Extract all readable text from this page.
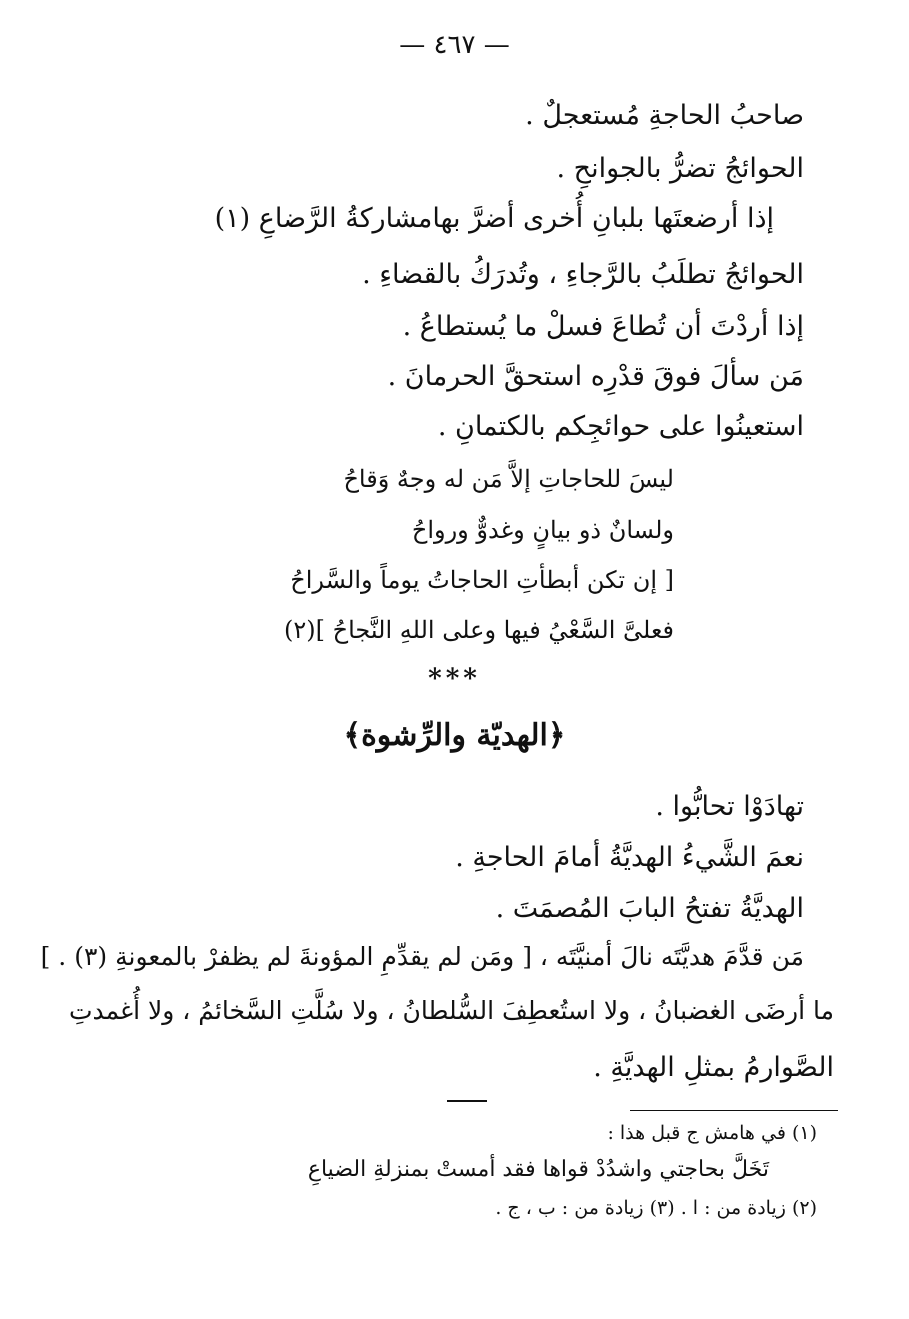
— ٤٦٧ —
صاحبُ الحاجةِ مُستعجلٌ .
الحوائجُ تضرُّ بالجوانحِ .
إذا أرضعتَها بلبانِ أُخرى أضرَّ بهامشاركةُ الرَّضاعِ (١)
الحوائجُ تطلَبُ بالرَّجاءِ ، وتُدرَكُ بالقضاءِ .
إذا أردْتَ أن تُطاعَ فسلْ ما يُستطاعُ .
مَن سألَ فوقَ قدْرِه استحقَّ الحرمانَ .
استعينُوا على حوائجِكم بالكتمانِ .
ليسَ للحاجاتِ إلاَّ مَن له وجهٌ وَقاحُ
ولسانٌ ذو بيانٍ وغدوٌّ ورواحُ
[ إن تكن أبطأتِ الحاجاتُ يوماً والسَّراحُ
فعلىَّ السَّعْيُ فيها وعلى اللهِ النَّجاحُ ](٢)
***
﴿الهديّة والرِّشوة﴾
تهادَوْا تحابُّوا .
نعمَ الشَّيءُ الهديَّةُ أمامَ الحاجةِ .
الهديَّةُ تفتحُ البابَ المُصمَتَ .
مَن قدَّمَ هديَّتَه نالَ أمنيَّتَه ، [ ومَن لم يقدِّمِ المؤونةَ لم يظفرْ بالمعونةِ (٣) . ]
ما أرضَى الغضبانُ ، ولا استُعطِفَ السُّلطانُ ، ولا سُلَّتِ السَّخائمُ ، ولا أُغمدتِ
الصَّوارمُ بمثلِ الهديَّةِ .
(١) في هامش ج قبل هذا :
تَخَلَّ بحاجتي واشدُدْ قواها فقد أمستْ بمنزلةِ الضياعِ
(٢) زيادة من : ا . (٣) زيادة من : ب ، ج .
